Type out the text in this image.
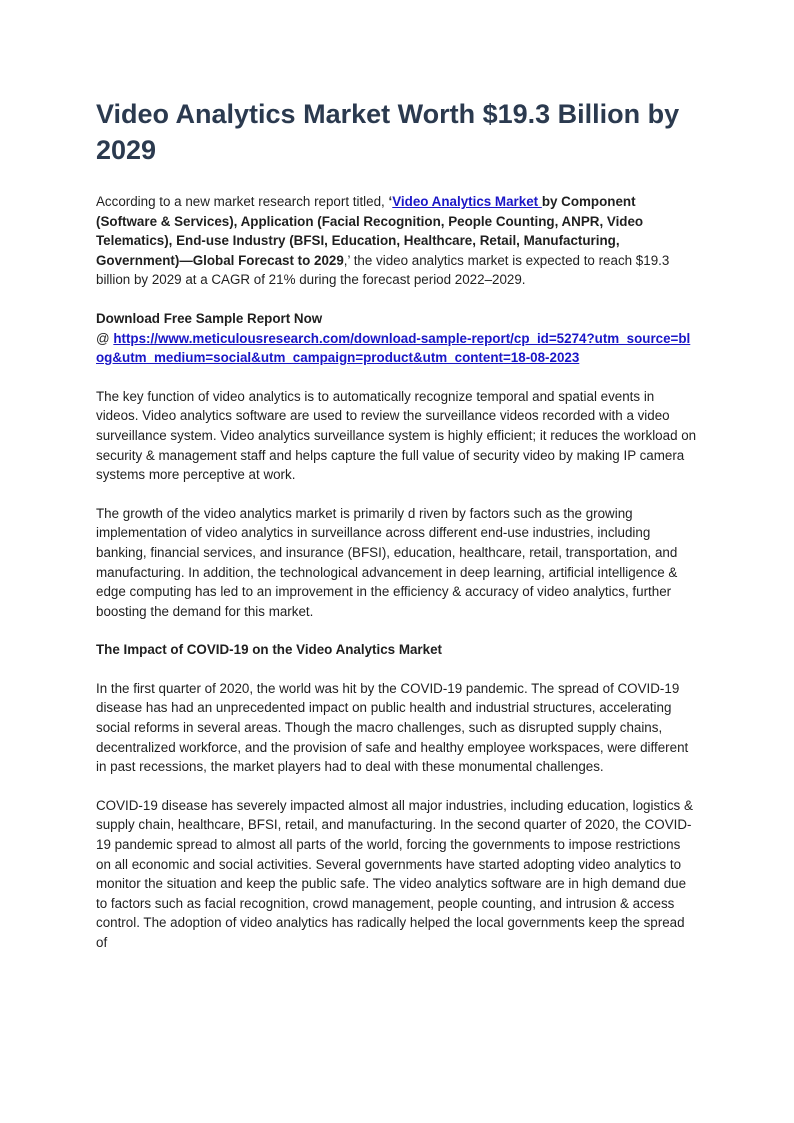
Video Analytics Market Worth $19.3 Billion by 2029

According to a new market research report titled, ‘Video Analytics Market by Component (Software & Services), Application (Facial Recognition, People Counting, ANPR, Video Telematics), End-use Industry (BFSI, Education, Healthcare, Retail, Manufacturing, Government)—Global Forecast to 2029,’ the video analytics market is expected to reach $19.3 billion by 2029 at a CAGR of 21% during the forecast period 2022–2029.

Download Free Sample Report Now
@ https://www.meticulousresearch.com/download-sample-report/cp_id=5274?utm_source=blog&utm_medium=social&utm_campaign=product&utm_content=18-08-2023

The key function of video analytics is to automatically recognize temporal and spatial events in videos. Video analytics software are used to review the surveillance videos recorded with a video surveillance system. Video analytics surveillance system is highly efficient; it reduces the workload on security & management staff and helps capture the full value of security video by making IP camera systems more perceptive at work.

The growth of the video analytics market is primarily d riven by factors such as the growing implementation of video analytics in surveillance across different end-use industries, including banking, financial services, and insurance (BFSI), education, healthcare, retail, transportation, and manufacturing. In addition, the technological advancement in deep learning, artificial intelligence & edge computing has led to an improvement in the efficiency & accuracy of video analytics, further boosting the demand for this market.

The Impact of COVID-19 on the Video Analytics Market

In the first quarter of 2020, the world was hit by the COVID-19 pandemic. The spread of COVID-19 disease has had an unprecedented impact on public health and industrial structures, accelerating social reforms in several areas. Though the macro challenges, such as disrupted supply chains, decentralized workforce, and the provision of safe and healthy employee workspaces, were different in past recessions, the market players had to deal with these monumental challenges.

COVID-19 disease has severely impacted almost all major industries, including education, logistics & supply chain, healthcare, BFSI, retail, and manufacturing. In the second quarter of 2020, the COVID-19 pandemic spread to almost all parts of the world, forcing the governments to impose restrictions on all economic and social activities. Several governments have started adopting video analytics to monitor the situation and keep the public safe. The video analytics software are in high demand due to factors such as facial recognition, crowd management, people counting, and intrusion & access control. The adoption of video analytics has radically helped the local governments keep the spread of
